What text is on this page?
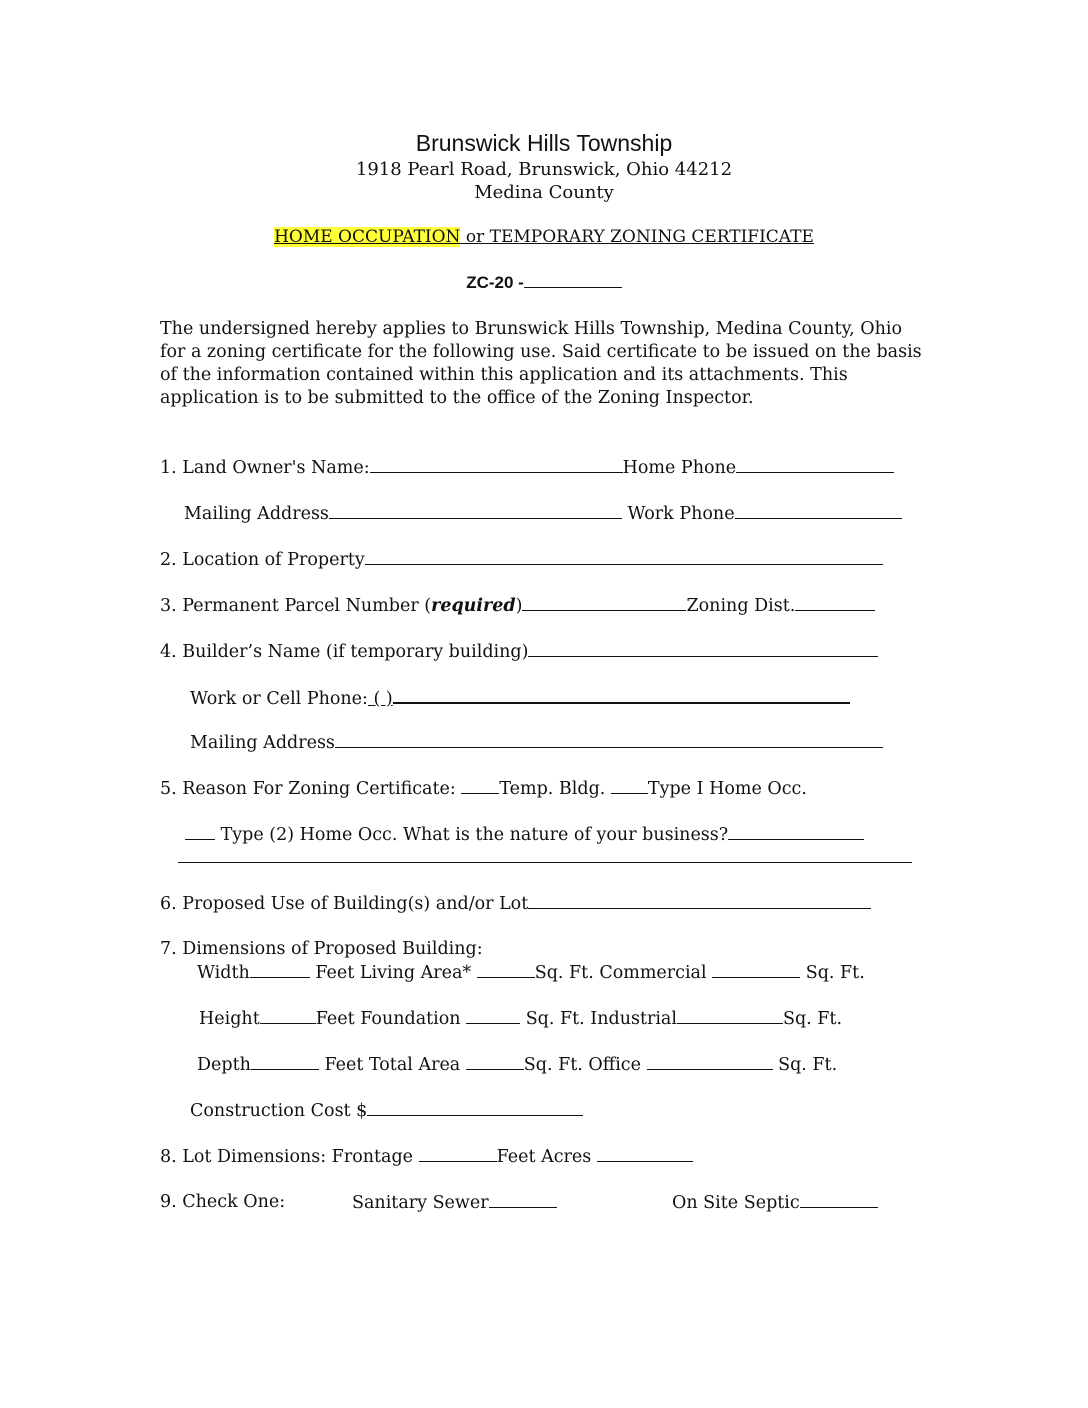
Brunswick Hills Township
1918 Pearl Road, Brunswick, Ohio 44212
Medina County
HOME OCCUPATION or TEMPORARY ZONING CERTIFICATE
ZC-20 -
The undersigned hereby applies to Brunswick Hills Township, Medina County, Ohio for a zoning certificate for the following use. Said certificate to be issued on the basis of the information contained within this application and its attachments. This application is to be submitted to the office of the Zoning Inspector.
1. Land Owner's Name:	Home Phone
Mailing Address	Work Phone
2. Location of Property
3. Permanent Parcel Number (required)	Zoning Dist.
4. Builder’s Name (if temporary building)
Work or Cell Phone: ( )
Mailing Address
5. Reason For Zoning Certificate: Temp. Bldg. Type I Home Occ.
Type (2) Home Occ. What is the nature of your business?
6. Proposed Use of Building(s) and/or Lot
7. Dimensions of Proposed Building:
Width	Feet Living Area*	Sq. Ft. Commercial	Sq. Ft.
Height	Feet Foundation	Sq. Ft. Industrial	Sq. Ft.
Depth	Feet Total Area	Sq. Ft. Office	Sq. Ft.
Construction Cost $
8. Lot Dimensions: Frontage	Feet Acres
9. Check One:	Sanitary Sewer	On Site Septic
